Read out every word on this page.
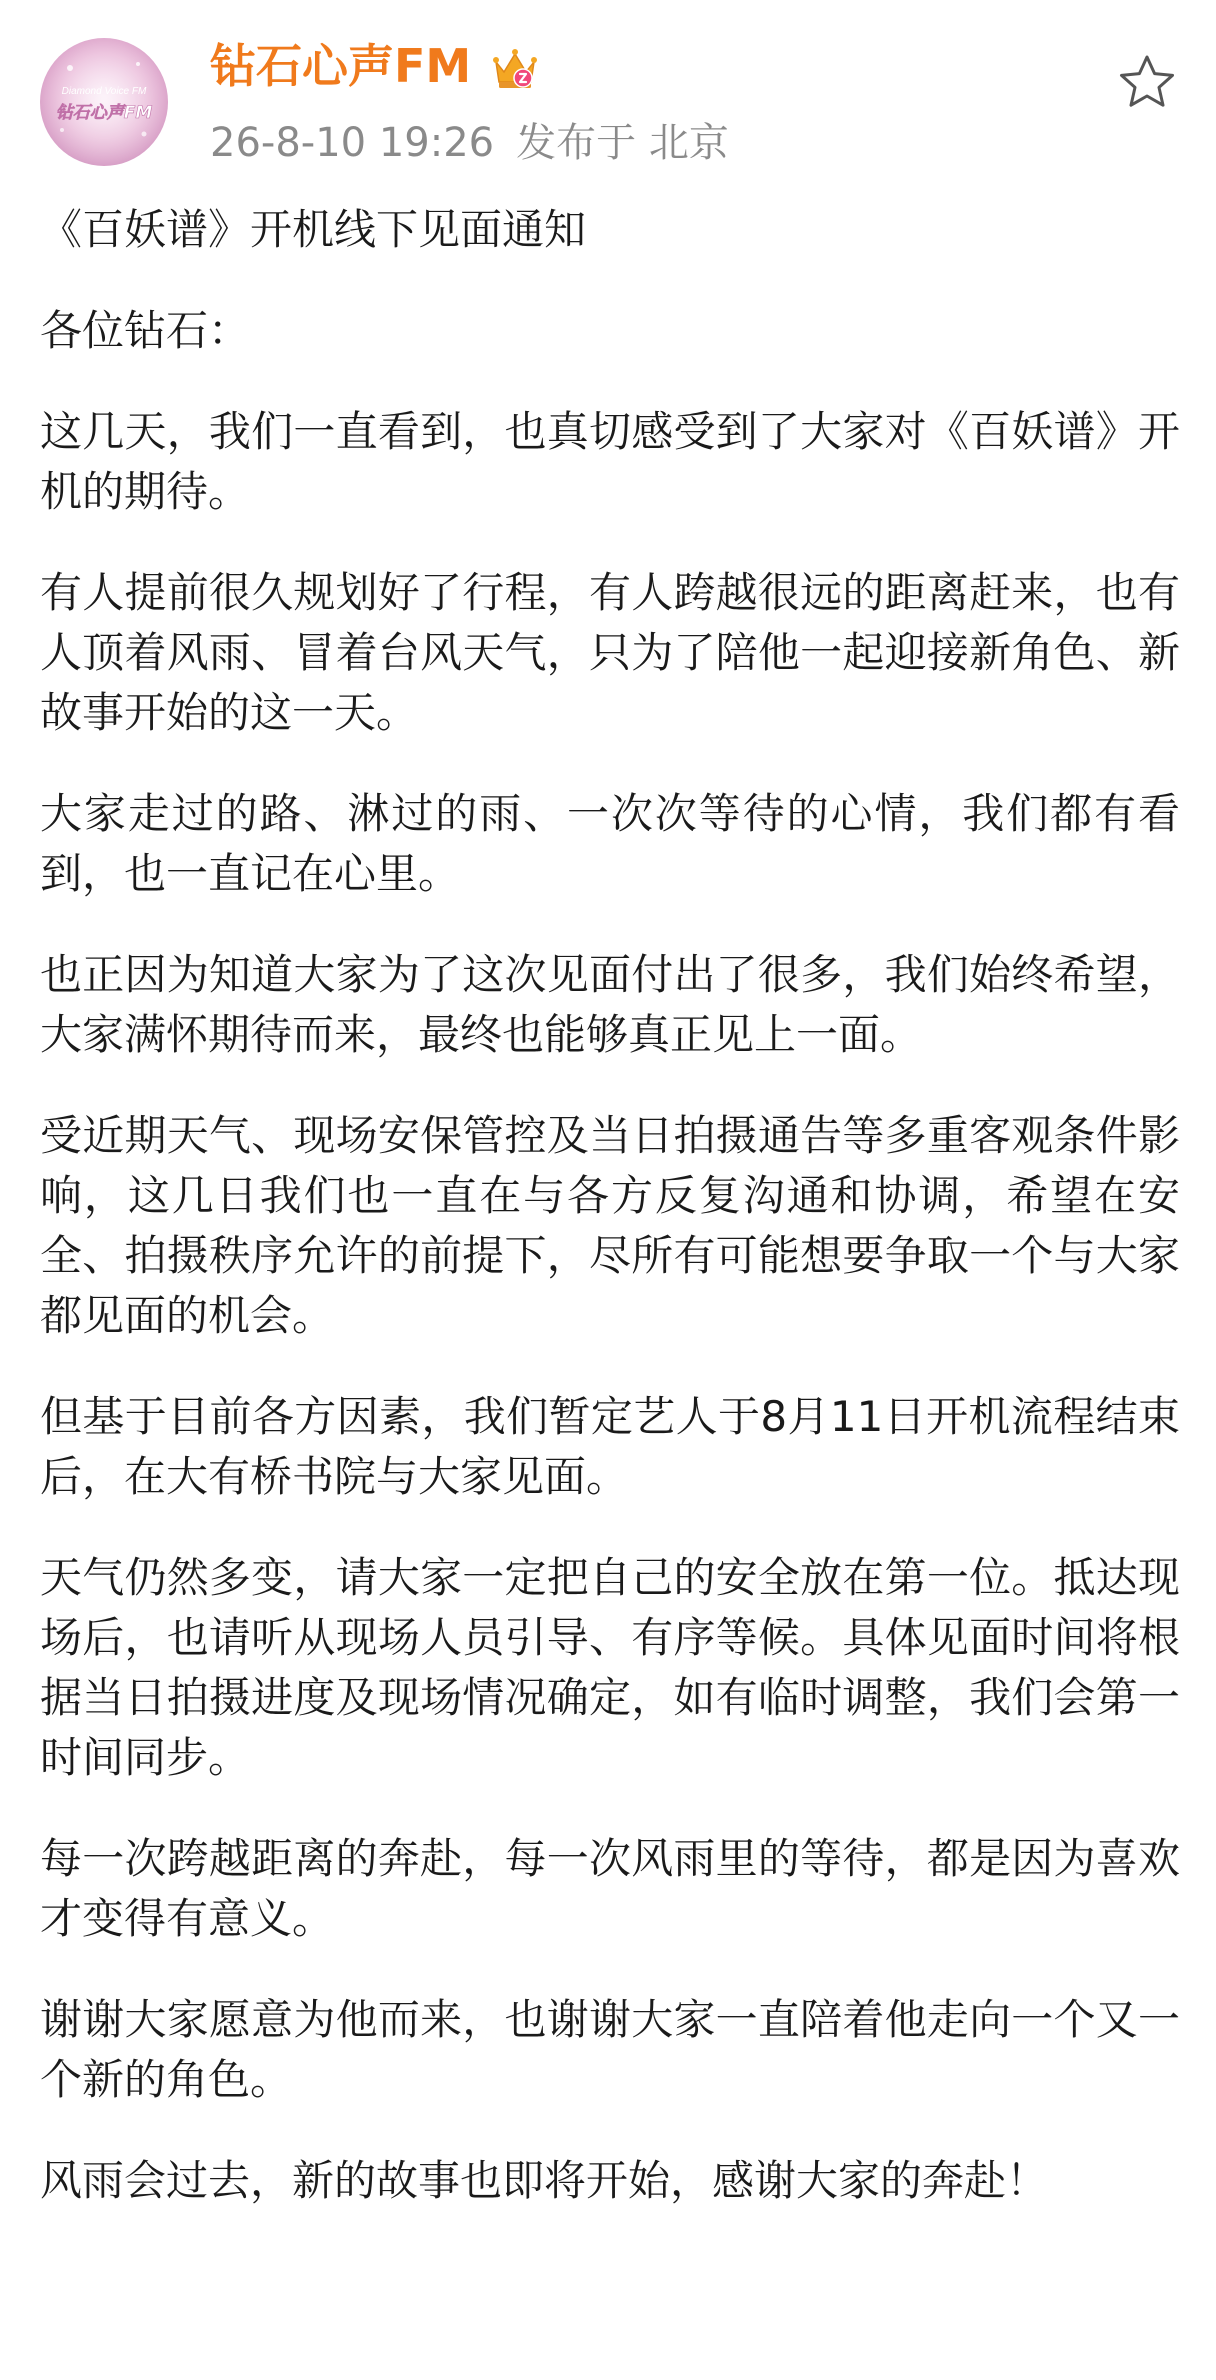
Diamond Voice FM
钻石心声FM
钻石心声FM
26-8-10 19:26 发布于 北京

《百妖谱》开机线下见面通知

各位钻石：

这几天，我们一直看到，也真切感受到了大家对《百妖谱》开机的期待。

有人提前很久规划好了行程，有人跨越很远的距离赶来，也有人顶着风雨、冒着台风天气，只为了陪他一起迎接新角色、新故事开始的这一天。

大家走过的路、淋过的雨、一次次等待的心情，我们都有看到，也一直记在心里。

也正因为知道大家为了这次见面付出了很多，我们始终希望，大家满怀期待而来，最终也能够真正见上一面。

受近期天气、现场安保管控及当日拍摄通告等多重客观条件影响，这几日我们也一直在与各方反复沟通和协调，希望在安全、拍摄秩序允许的前提下，尽所有可能想要争取一个与大家都见面的机会。

但基于目前各方因素，我们暂定艺人于8月11日开机流程结束后，在大有桥书院与大家见面。

天气仍然多变，请大家一定把自己的安全放在第一位。抵达现场后，也请听从现场人员引导、有序等候。具体见面时间将根据当日拍摄进度及现场情况确定，如有临时调整，我们会第一时间同步。

每一次跨越距离的奔赴，每一次风雨里的等待，都是因为喜欢才变得有意义。

谢谢大家愿意为他而来，也谢谢大家一直陪着他走向一个又一个新的角色。

风雨会过去，新的故事也即将开始，感谢大家的奔赴！
